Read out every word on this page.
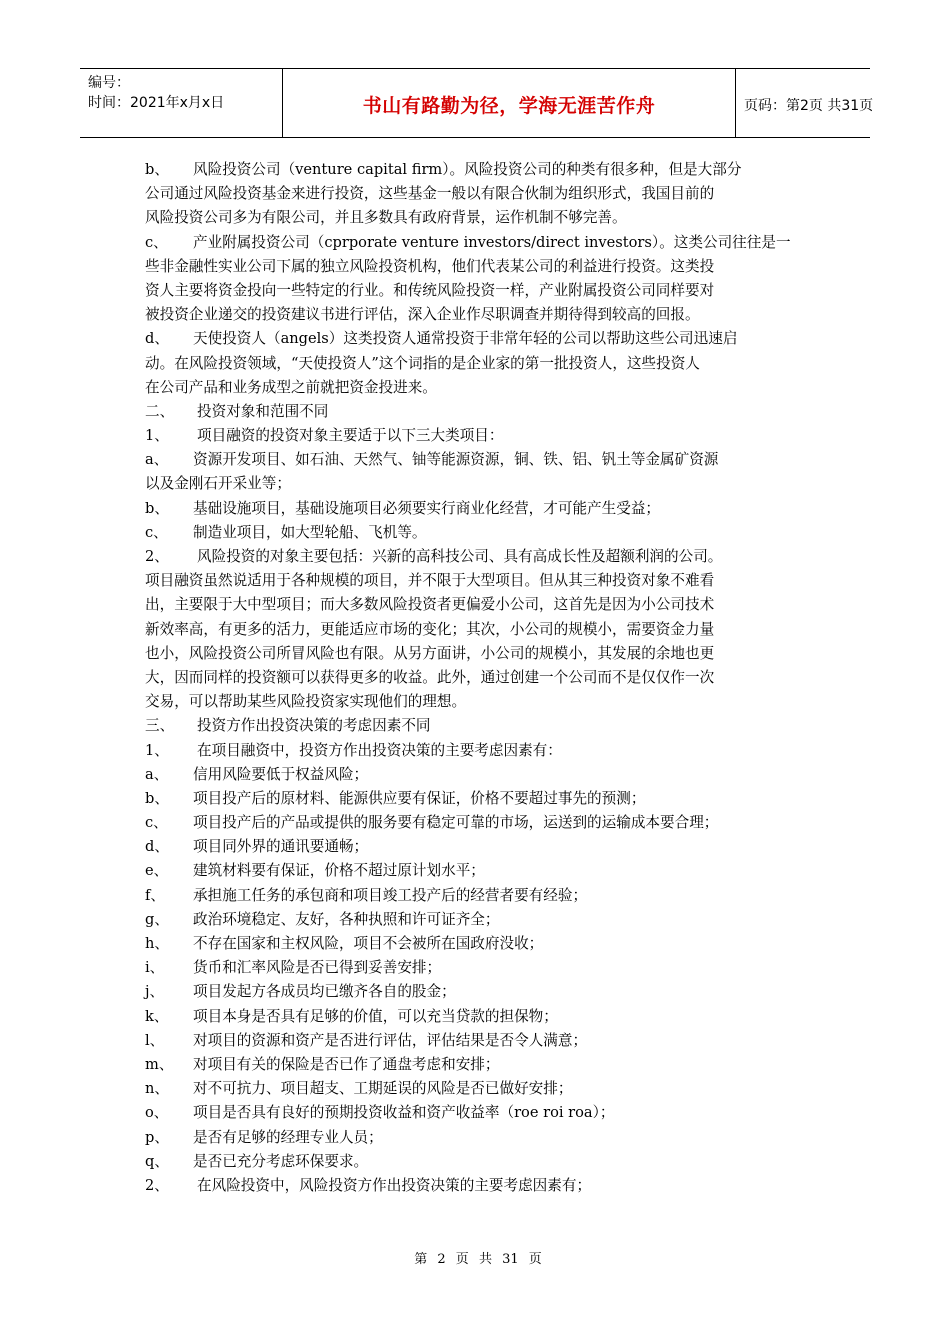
编号：
时间：2021年x月x日	书山有路勤为径，学海无涯苦作舟	页码：第2页 共31页
b、 风险投资公司（venture capital firm）。风险投资公司的种类有很多种，但是大部分
公司通过风险投资基金来进行投资，这些基金一般以有限合伙制为组织形式，我国目前的
风险投资公司多为有限公司，并且多数具有政府背景，运作机制不够完善。
c、 产业附属投资公司（cprporate venture investors/direct investors）。这类公司往往是一
些非金融性实业公司下属的独立风险投资机构，他们代表某公司的利益进行投资。这类投
资人主要将资金投向一些特定的行业。和传统风险投资一样，产业附属投资公司同样要对
被投资企业递交的投资建议书进行评估，深入企业作尽职调查并期待得到较高的回报。
d、 天使投资人（angels）这类投资人通常投资于非常年轻的公司以帮助这些公司迅速启
动。在风险投资领域，“天使投资人”这个词指的是企业家的第一批投资人，这些投资人
在公司产品和业务成型之前就把资金投进来。
二、 投资对象和范围不同
1、 项目融资的投资对象主要适于以下三大类项目：
a、 资源开发项目、如石油、天然气、铀等能源资源，铜、铁、铝、钒土等金属矿资源
以及金刚石开采业等；
b、 基础设施项目，基础设施项目必须要实行商业化经营，才可能产生受益；
c、 制造业项目，如大型轮船、飞机等。
2、 风险投资的对象主要包括：兴新的高科技公司、具有高成长性及超额利润的公司。
项目融资虽然说适用于各种规模的项目，并不限于大型项目。但从其三种投资对象不难看
出，主要限于大中型项目；而大多数风险投资者更偏爱小公司，这首先是因为小公司技术
新效率高，有更多的活力，更能适应市场的变化；其次，小公司的规模小，需要资金力量
也小，风险投资公司所冒风险也有限。从另方面讲，小公司的规模小，其发展的余地也更
大，因而同样的投资额可以获得更多的收益。此外，通过创建一个公司而不是仅仅作一次
交易，可以帮助某些风险投资家实现他们的理想。
三、 投资方作出投资决策的考虑因素不同
1、 在项目融资中，投资方作出投资决策的主要考虑因素有：
a、 信用风险要低于权益风险；
b、 项目投产后的原材料、能源供应要有保证，价格不要超过事先的预测；
c、 项目投产后的产品或提供的服务要有稳定可靠的市场，运送到的运输成本要合理；
d、 项目同外界的通讯要通畅；
e、 建筑材料要有保证，价格不超过原计划水平；
f、 承担施工任务的承包商和项目竣工投产后的经营者要有经验；
g、 政治环境稳定、友好，各种执照和许可证齐全；
h、 不存在国家和主权风险，项目不会被所在国政府没收；
i、 货币和汇率风险是否已得到妥善安排；
j、 项目发起方各成员均已缴齐各自的股金；
k、 项目本身是否具有足够的价值，可以充当贷款的担保物；
l、 对项目的资源和资产是否进行评估，评估结果是否令人满意；
m、 对项目有关的保险是否已作了通盘考虑和安排；
n、 对不可抗力、项目超支、工期延误的风险是否已做好安排；
o、 项目是否具有良好的预期投资收益和资产收益率（roe roi roa）；
p、 是否有足够的经理专业人员；
q、 是否已充分考虑环保要求。
2、 在风险投资中，风险投资方作出投资决策的主要考虑因素有；
第 2 页 共 31 页
